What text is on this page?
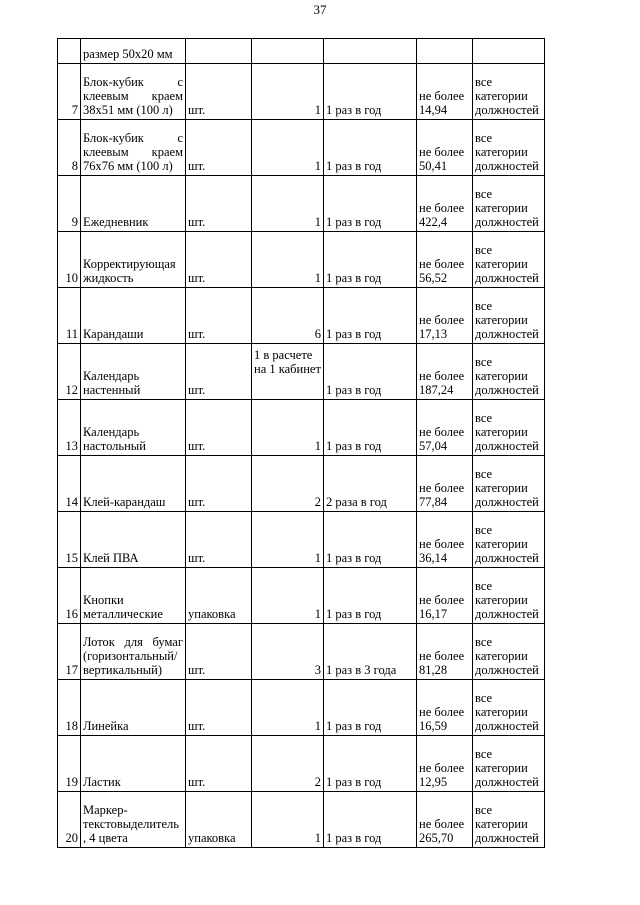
37

	размер 50х20 мм					

7	Блок-кубик с
клеевым краем
38х51 мм (100 л)	шт.	1	1 раз в год	не более
14,94	все
категории
должностей

8	Блок-кубик с
клеевым краем
76х76 мм (100 л)	шт.	1	1 раз в год	не более
50,41	все
категории
должностей

9	Ежедневник	шт.	1	1 раз в год	не более
422,4	все
категории
должностей

10	Корректирующая
жидкость	шт.	1	1 раз в год	не более
56,52	все
категории
должностей

11	Карандаши	шт.	6	1 раз в год	не более
17,13	все
категории
должностей

12	Календарь
настенный	шт.	1 в расчете на 1 кабинет	1 раз в год	не более
187,24	все
категории
должностей

13	Календарь
настольный	шт.	1	1 раз в год	не более
57,04	все
категории
должностей

14	Клей-карандаш	шт.	2	2 раза в год	не более
77,84	все
категории
должностей

15	Клей ПВА	шт.	1	1 раз в год	не более
36,14	все
категории
должностей

16	Кнопки
металлические	упаковка	1	1 раз в год	не более
16,17	все
категории
должностей

17	Лоток для бумаг
(горизонтальный/
вертикальный)	шт.	3	1 раз в 3 года	не более
81,28	все
категории
должностей

18	Линейка	шт.	1	1 раз в год	не более
16,59	все
категории
должностей

19	Ластик	шт.	2	1 раз в год	не более
12,95	все
категории
должностей

20	Маркер-
текстовыделитель
, 4 цвета	упаковка	1	1 раз в год	не более
265,70	все
категории
должностей
